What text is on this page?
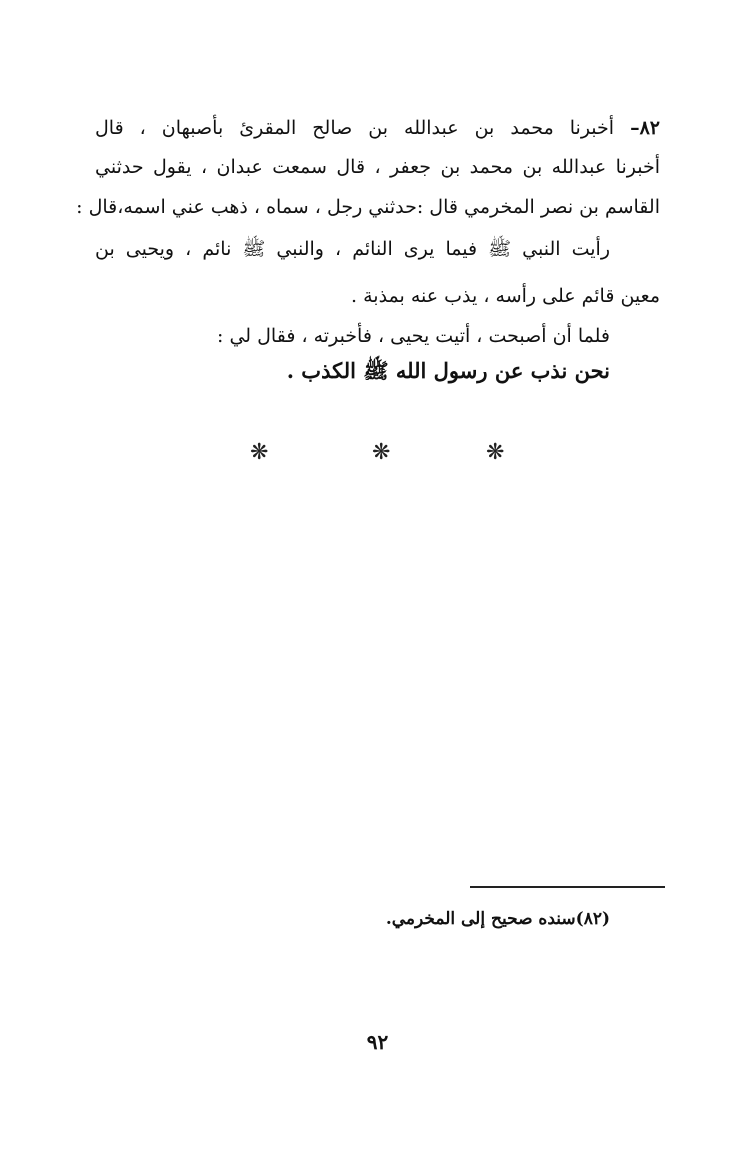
٨٢– أخبرنا محمد بن عبدالله بن صالح المقرئ بأصبهان ، قال
أخبرنا عبدالله بن محمد بن جعفر ، قال سمعت عبدان ، يقول حدثني
القاسم بن نصر المخرمي قال :حدثني رجل ، سماه ، ذهب عني اسمه،قال :
رأيت النبي ﷺ فيما يرى النائم ، والنبي ﷺ نائم ، ويحيى بن
معين قائم على رأسه ، يذب عنه بمذبة .
فلما أن أصبحت ، أتيت يحيى ، فأخبرته ، فقال لي :
نحن نذب عن رسول الله ﷺ الكذب .
❋	❋	❋
(٨٢)سنده صحيح إلى المخرمي.
٩٢
